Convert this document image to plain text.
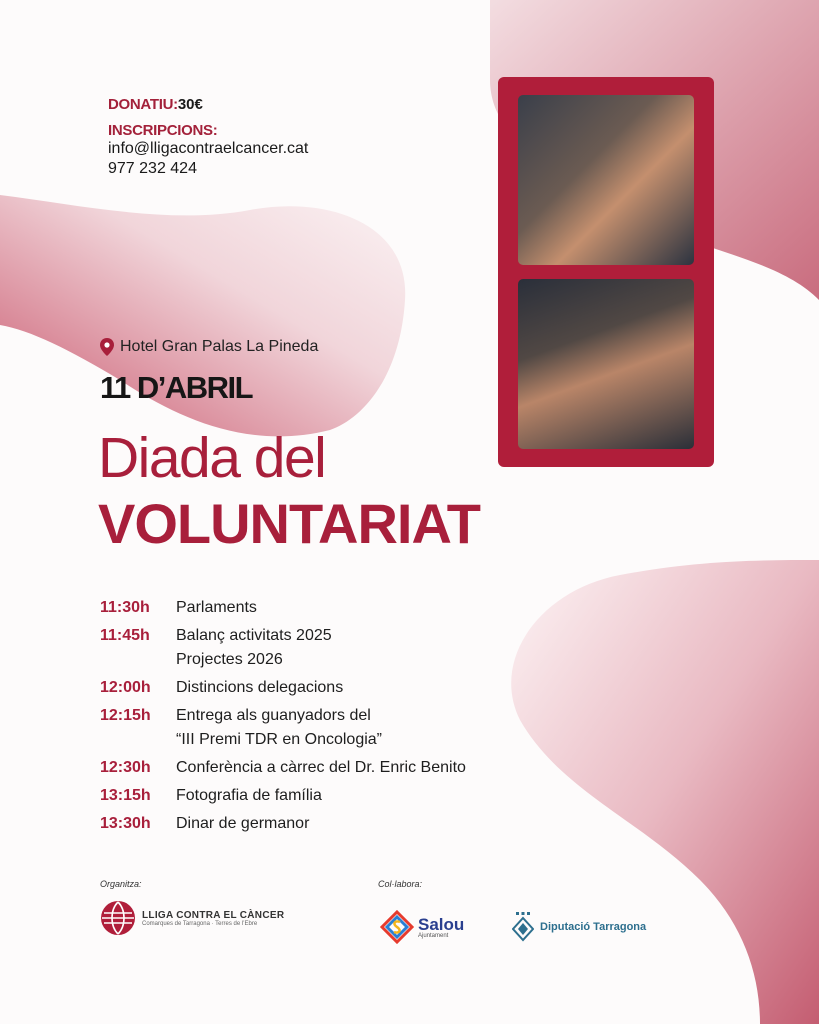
DONATIU:30€
INSCRIPCIONS:
info@lligacontraelcancer.cat
977 232 424
Hotel Gran Palas La Pineda
11 D’ABRIL
Diada del
VOLUNTARIAT
11:30h	Parlaments
11:45h	Balanç activitats 2025
Projectes 2026
12:00h	Distincions delegacions
12:15h	Entrega als guanyadors del
“III Premi TDR en Oncologia”
12:30h	Conferència a càrrec del Dr. Enric Benito
13:15h	Fotografia de família
13:30h	Dinar de germanor
Organitza:	Col·labora:
LLIGA CONTRA EL CÀNCER
Comarques de Tarragona · Terres de l’Ebre	Salou
Ajuntament
Diputació Tarragona
